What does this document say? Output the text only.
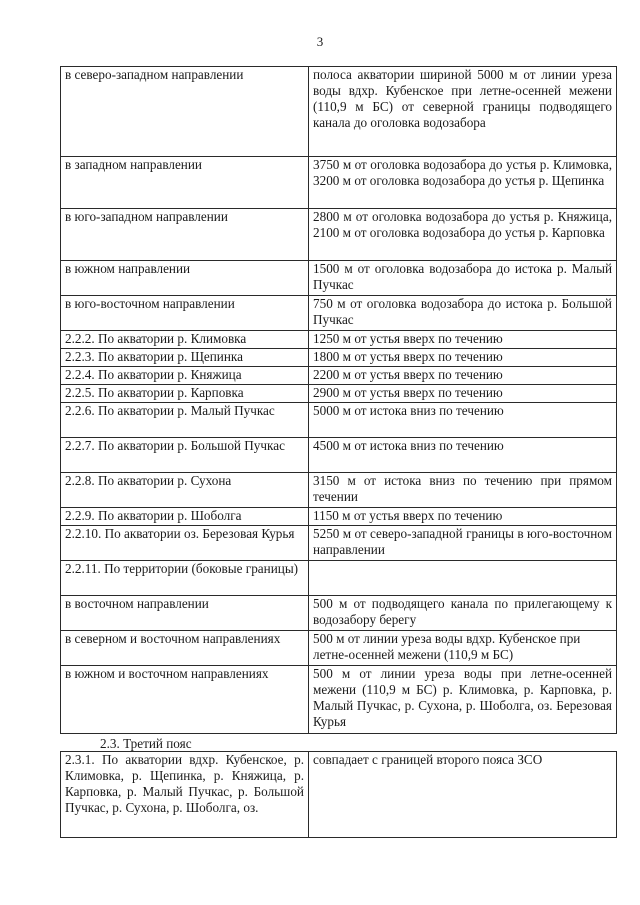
3
в северо-западном направлении	полоса акватории шириной 5000 м от линии уреза воды вдхр. Кубенское при летне-осенней межени (110,9 м БС) от северной границы подводящего канала до оголовка водозабора
в западном направлении	3750 м от оголовка водозабора до устья р. Климовка, 3200 м от оголовка водозабора до устья р. Щепинка
в юго-западном направлении	2800 м от оголовка водозабора до устья р. Княжица, 2100 м от оголовка водозабора до устья р. Карповка
в южном направлении	1500 м от оголовка водозабора до истока р. Малый Пучкас
в юго-восточном направлении	750 м от оголовка водозабора до истока р. Большой Пучкас
2.2.2. По акватории р. Климовка	1250 м от устья вверх по течению
2.2.3. По акватории р. Щепинка	1800 м от устья вверх по течению
2.2.4. По акватории р. Княжица	2200 м от устья вверх по течению
2.2.5. По акватории р. Карповка	2900 м от устья вверх по течению
2.2.6. По акватории р. Малый Пучкас	5000 м от истока вниз по течению
2.2.7. По акватории р. Большой Пучкас	4500 м от истока вниз по течению
2.2.8. По акватории р. Сухона	3150 м от истока вниз по течению при прямом течении
2.2.9. По акватории р. Шоболга	1150 м от устья вверх по течению
2.2.10. По акватории оз. Березовая Курья	5250 м от северо-западной границы в юго-восточном направлении
2.2.11. По территории (боковые границы)	
в восточном направлении	500 м от подводящего канала по прилегающему к водозабору берегу
в северном и восточном направлениях	500 м от линии уреза воды вдхр. Кубенское при летне-осенней межени (110,9 м БС)
в южном и восточном направлениях	500 м от линии уреза воды при летне-осенней межени (110,9 м БС) р. Климовка, р. Карповка, р. Малый Пучкас, р. Сухона, р. Шоболга, оз. Березовая Курья
2.3. Третий пояс
2.3.1. По акватории вдхр. Кубенское, р. Климовка, р. Щепинка, р. Княжица, р. Карповка, р. Малый Пучкас, р. Большой Пучкас, р. Сухона, р. Шоболга, оз.	совпадает с границей второго пояса ЗСО
